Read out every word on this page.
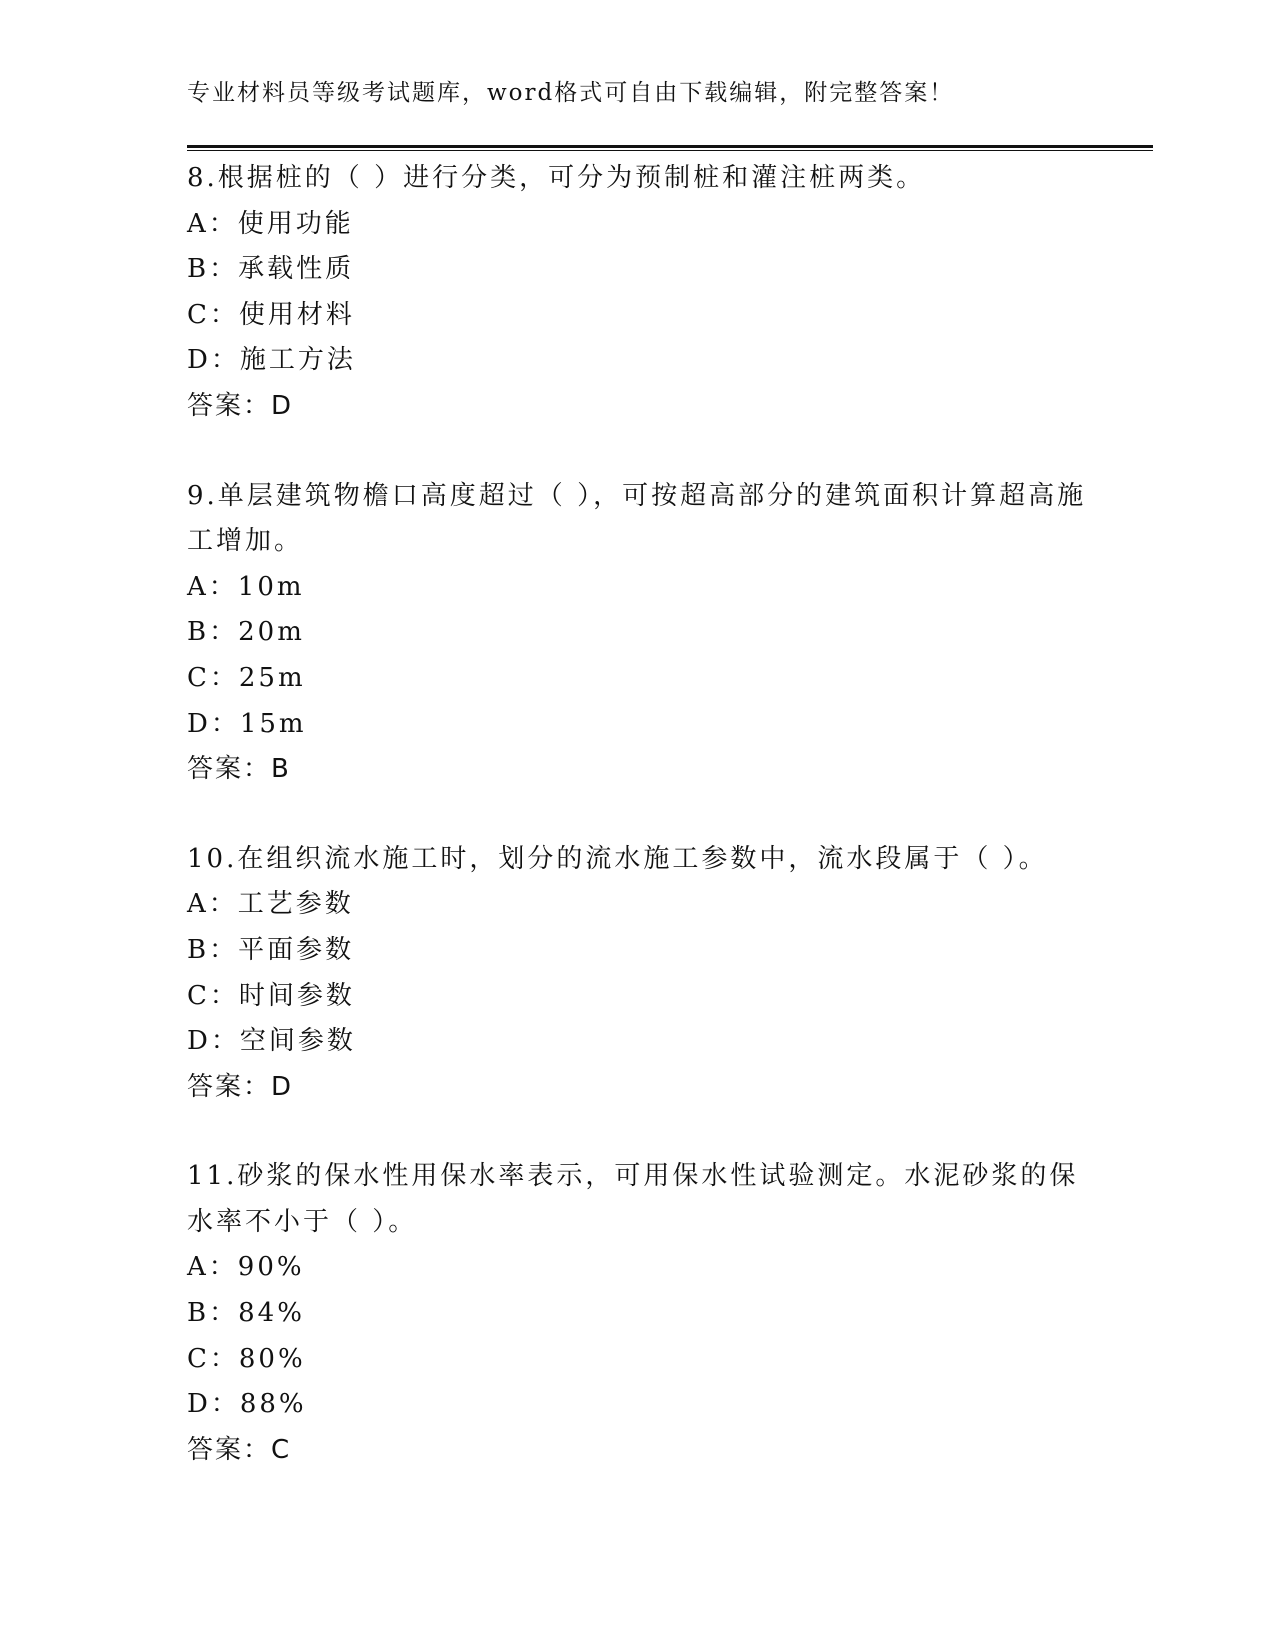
专业材料员等级考试题库，word格式可自由下载编辑，附完整答案！

8.根据桩的（ ）进行分类，可分为预制桩和灌注桩两类。

A：使用功能

B：承载性质

C：使用材料

D：施工方法

答案：D

9.单层建筑物檐口高度超过（ ），可按超高部分的建筑面积计算超高施工增加。

A：10m

B：20m

C：25m

D：15m

答案：B

10.在组织流水施工时，划分的流水施工参数中，流水段属于（ ）。

A：工艺参数

B：平面参数

C：时间参数

D：空间参数

答案：D

11.砂浆的保水性用保水率表示，可用保水性试验测定。水泥砂浆的保水率不小于（ ）。

A：90%

B：84%

C：80%

D：88%

答案：C
